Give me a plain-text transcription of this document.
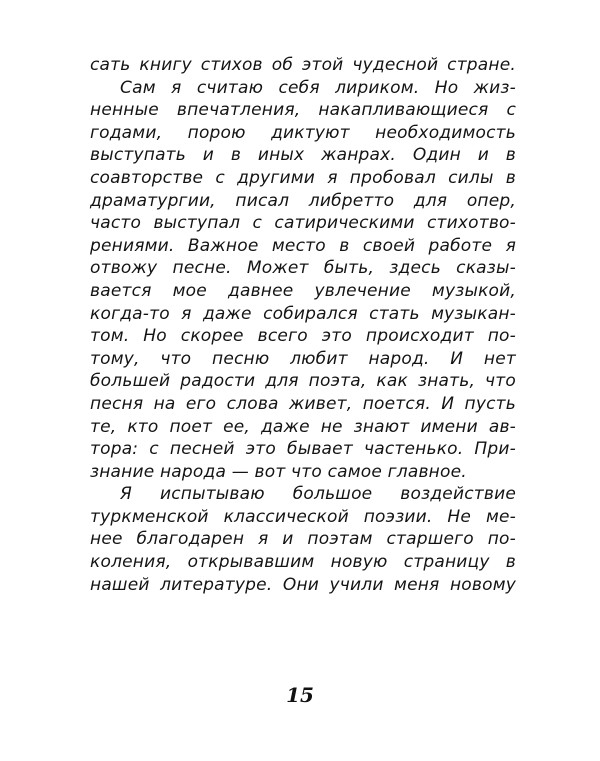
сать книгу стихов об этой чудесной стране.
Сам я считаю себя лириком. Но жиз-
ненные впечатления, накапливающиеся с
годами, порою диктуют необходимость
выступать и в иных жанрах. Один и в
соавторстве с другими я пробовал силы в
драматургии, писал либретто для опер,
часто выступал с сатирическими стихотво-
рениями. Важное место в своей работе я
отвожу песне. Может быть, здесь сказы-
вается мое давнее увлечение музыкой,
когда-то я даже собирался стать музыкан-
том. Но скорее всего это происходит по-
тому, что песню любит народ. И нет
большей радости для поэта, как знать, что
песня на его слова живет, поется. И пусть
те, кто поет ее, даже не знают имени ав-
тора: с песней это бывает частенько. При-
знание народа — вот что самое главное.
Я испытываю большое воздействие
туркменской классической поэзии. Не ме-
нее благодарен я и поэтам старшего по-
коления, открывавшим новую страницу в
нашей литературе. Они учили меня новому
15
